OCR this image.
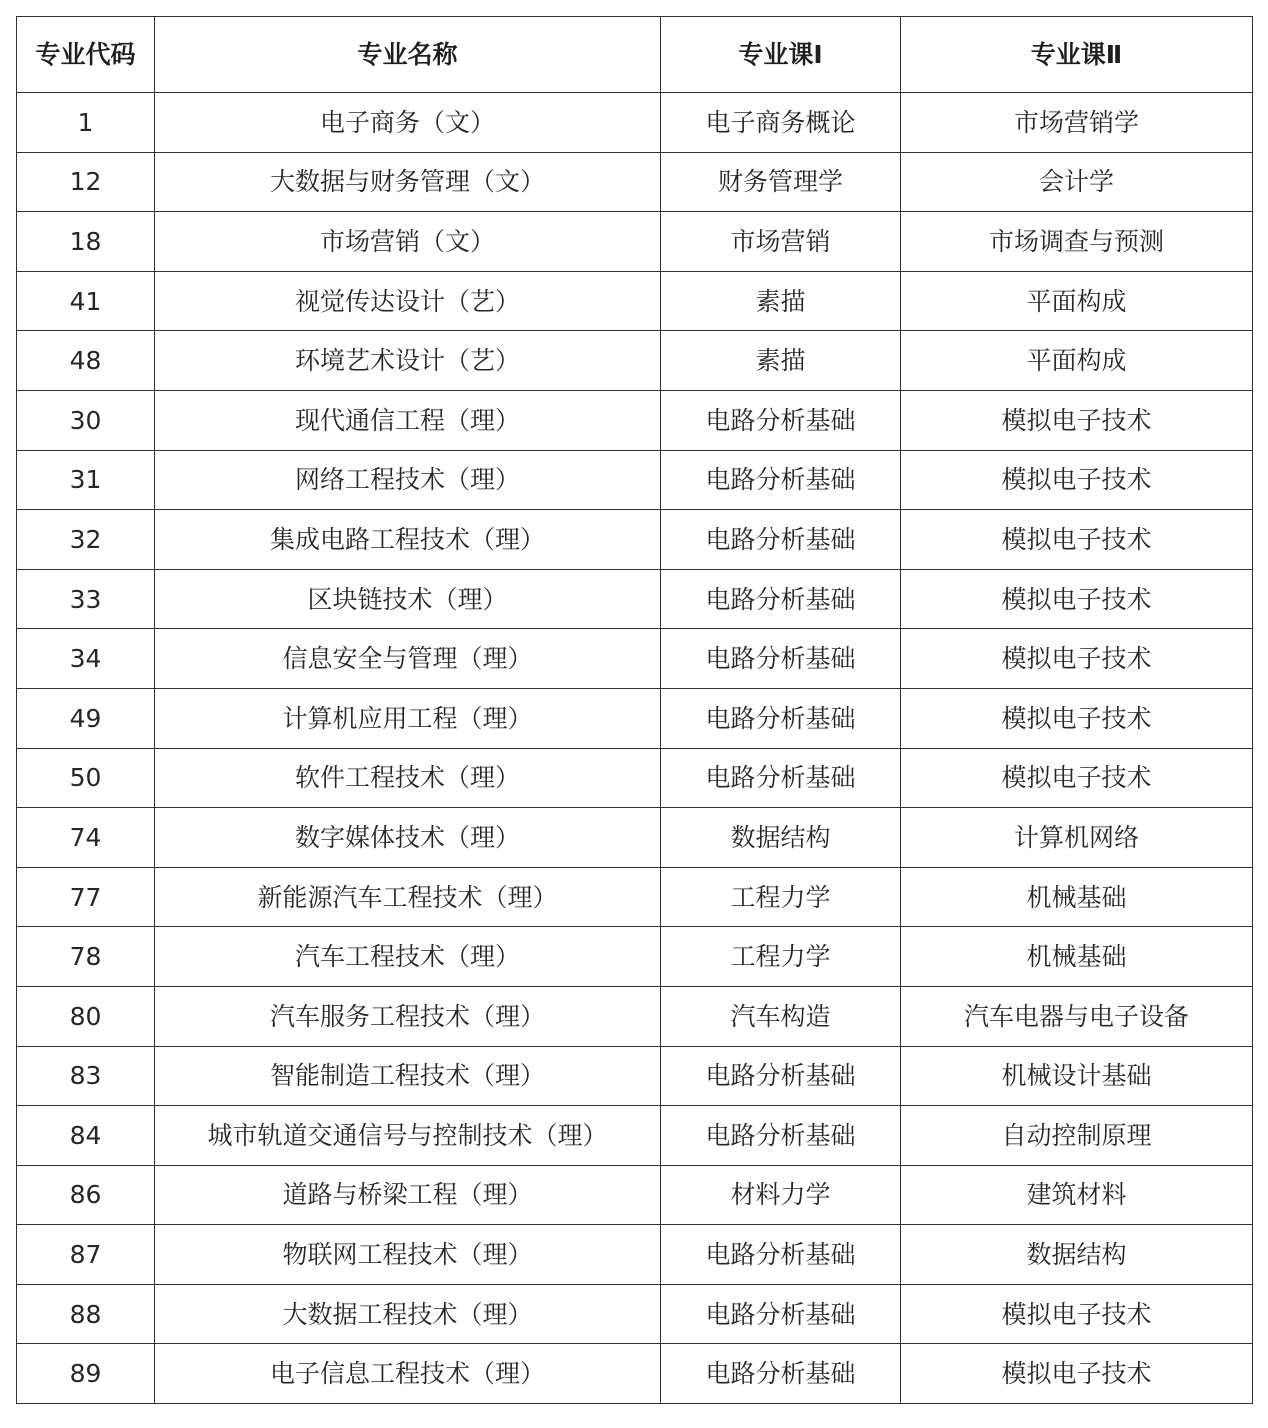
专业代码	专业名称	专业课Ⅰ	专业课Ⅱ
1	电子商务（文）	电子商务概论	市场营销学
12	大数据与财务管理（文）	财务管理学	会计学
18	市场营销（文）	市场营销	市场调查与预测
41	视觉传达设计（艺）	素描	平面构成
48	环境艺术设计（艺）	素描	平面构成
30	现代通信工程（理）	电路分析基础	模拟电子技术
31	网络工程技术（理）	电路分析基础	模拟电子技术
32	集成电路工程技术（理）	电路分析基础	模拟电子技术
33	区块链技术（理）	电路分析基础	模拟电子技术
34	信息安全与管理（理）	电路分析基础	模拟电子技术
49	计算机应用工程（理）	电路分析基础	模拟电子技术
50	软件工程技术（理）	电路分析基础	模拟电子技术
74	数字媒体技术（理）	数据结构	计算机网络
77	新能源汽车工程技术（理）	工程力学	机械基础
78	汽车工程技术（理）	工程力学	机械基础
80	汽车服务工程技术（理）	汽车构造	汽车电器与电子设备
83	智能制造工程技术（理）	电路分析基础	机械设计基础
84	城市轨道交通信号与控制技术（理）	电路分析基础	自动控制原理
86	道路与桥梁工程（理）	材料力学	建筑材料
87	物联网工程技术（理）	电路分析基础	数据结构
88	大数据工程技术（理）	电路分析基础	模拟电子技术
89	电子信息工程技术（理）	电路分析基础	模拟电子技术
